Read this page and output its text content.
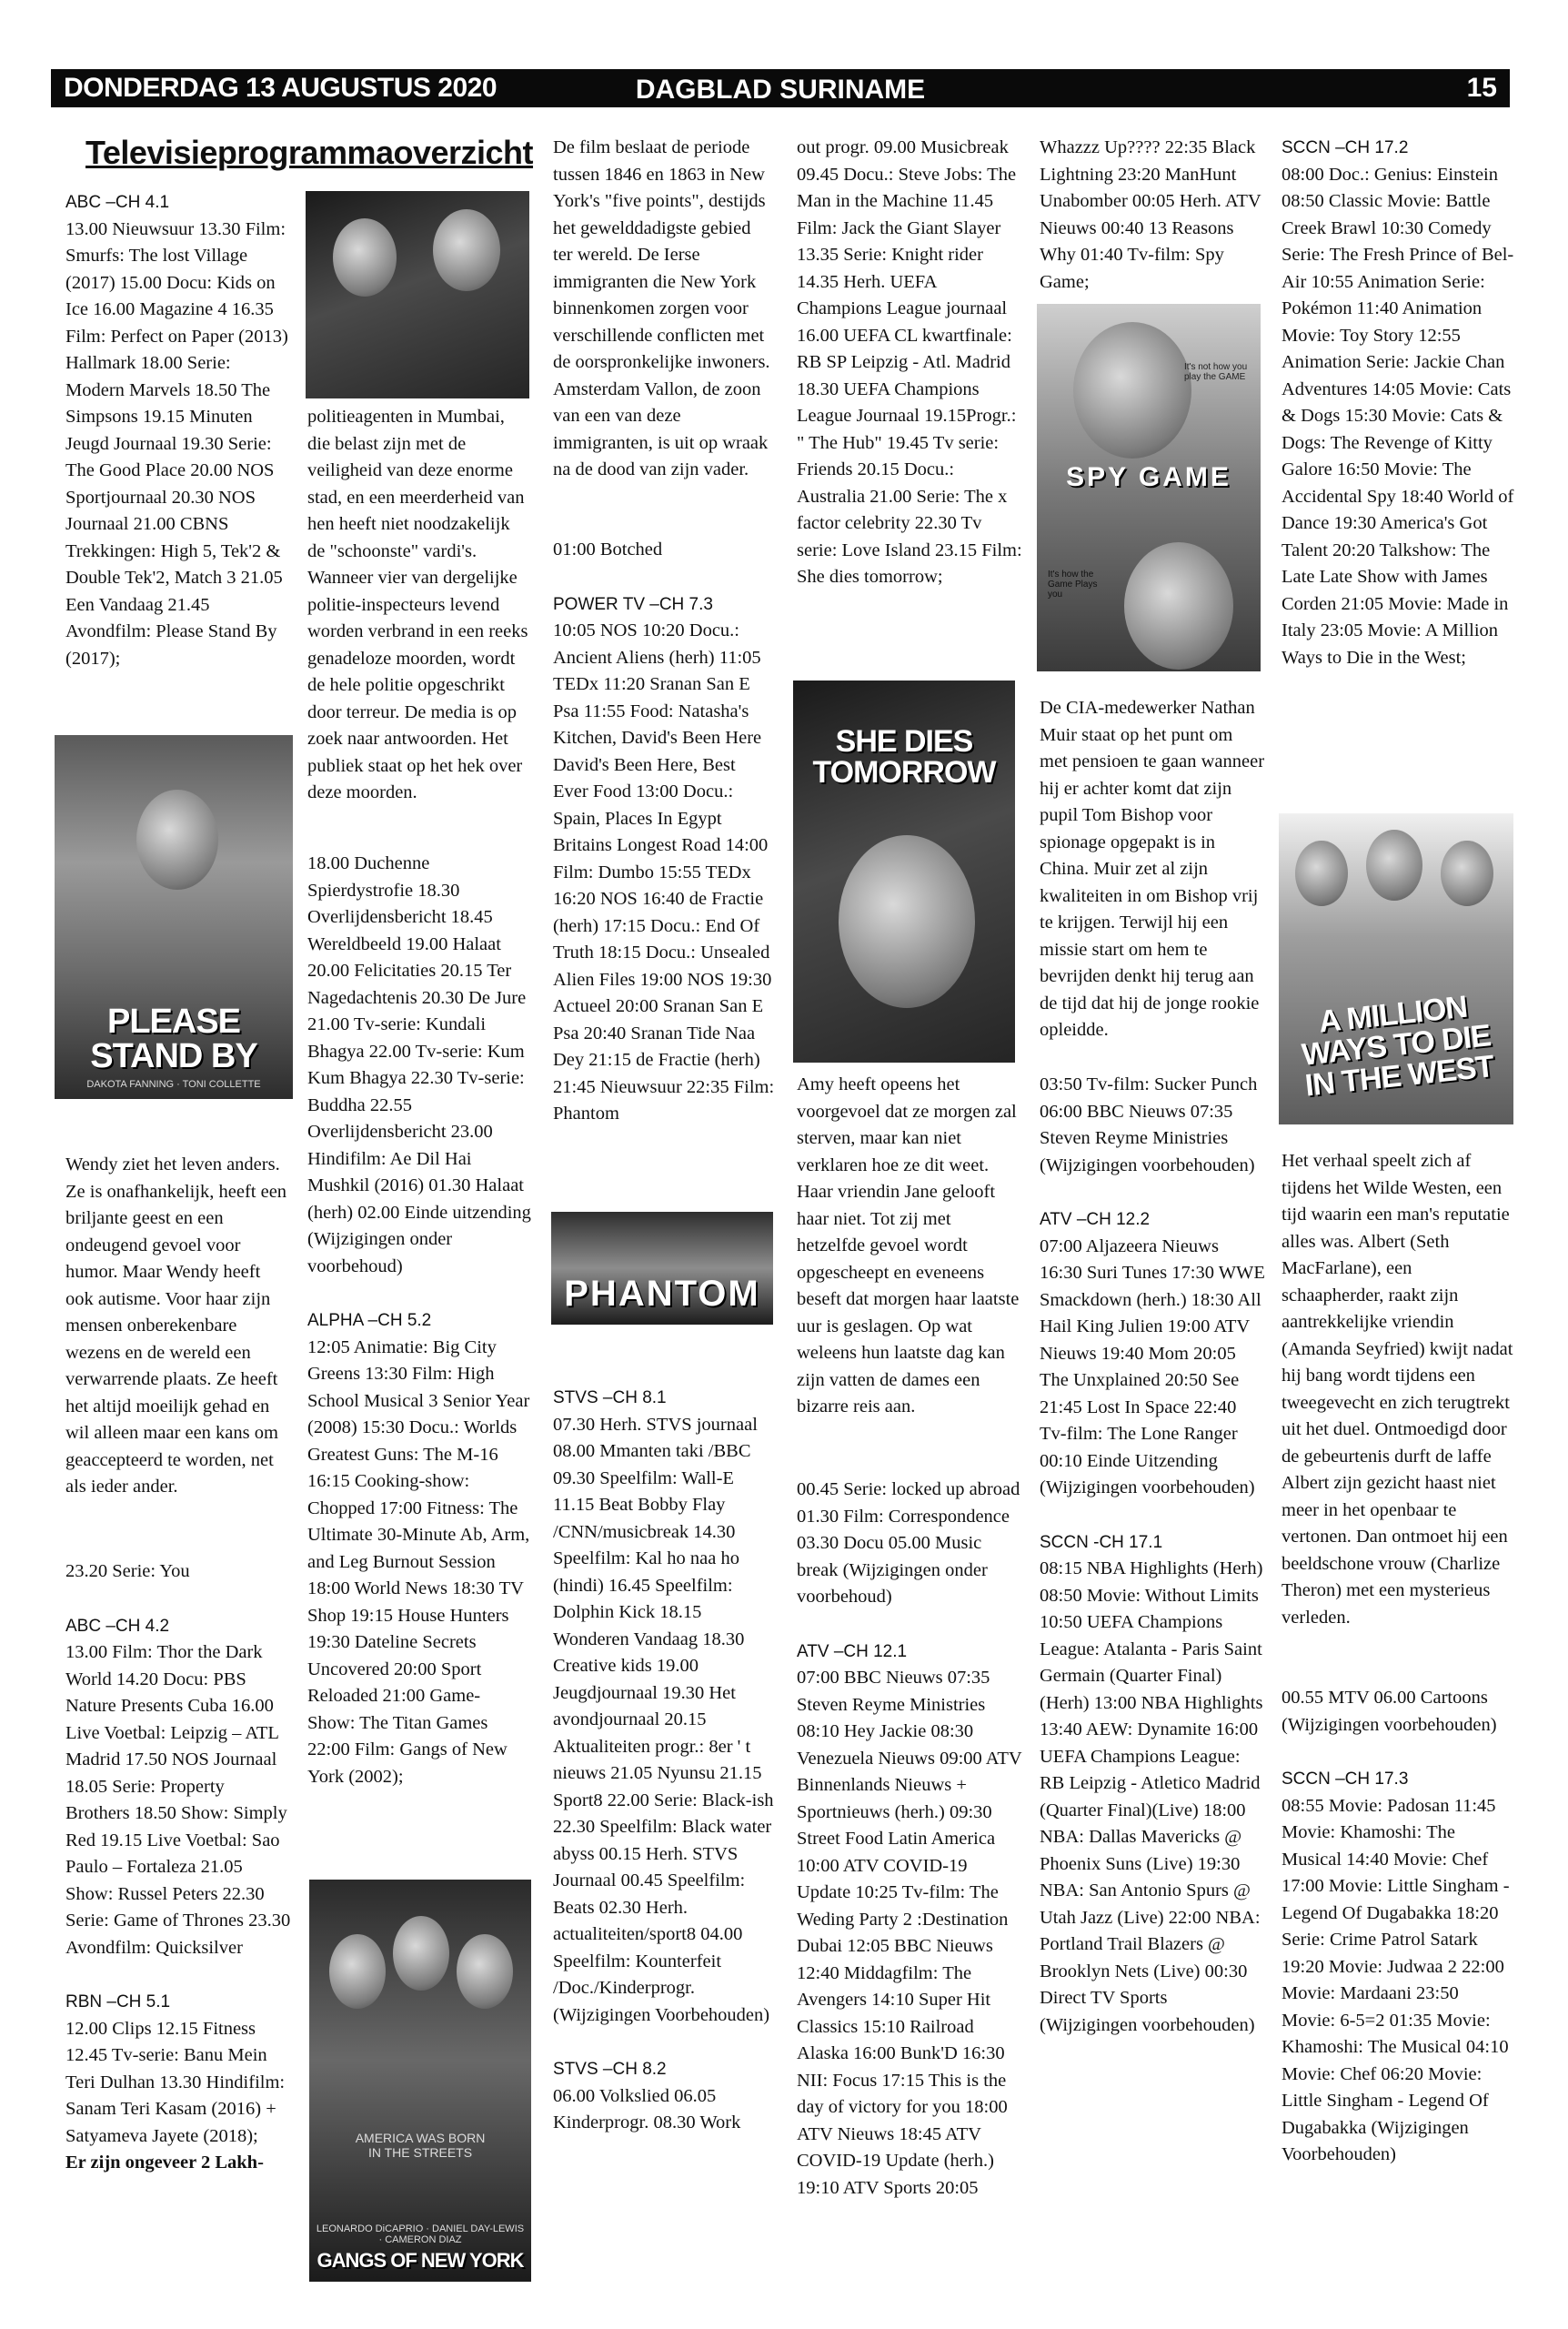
DONDERDAG 13 AUGUSTUS 2020	DAGBLAD SURINAME	15
Televisieprogrammaoverzicht

ABC –CH 4.1

13.00 Nieuwsuur 13.30 Film: Smurfs: The lost Village (2017) 15.00 Docu: Kids on Ice 16.00 Magazine 4 16.35 Film: Perfect on Paper (2013) Hallmark 18.00 Serie: Modern Marvels 18.50 The Simpsons 19.15 Minuten Jeugd Journaal 19.30 Serie: The Good Place 20.00 NOS Sportjournaal 20.30 NOS Journaal 21.00 CBNS Trekkingen: High 5, Tek'2 & Double Tek'2, Match 3 21.05 Een Vandaag 21.45 Avondfilm: Please Stand By (2017);

PLEASE STAND BY
DAKOTA FANNING · TONI COLLETTE

Wendy ziet het leven anders. Ze is onafhankelijk, heeft een briljante geest en een ondeugend gevoel voor humor. Maar Wendy heeft ook autisme. Voor haar zijn mensen onberekenbare wezens en de wereld een verwarrende plaats. Ze heeft het altijd moeilijk gehad en wil alleen maar een kans om geaccepteerd te worden, net als ieder ander.

23.20 Serie: You

ABC –CH 4.2

13.00 Film: Thor the Dark World 14.20 Docu: PBS Nature Presents Cuba 16.00 Live Voetbal: Leipzig – ATL Madrid 17.50 NOS Journaal 18.05 Serie: Property Brothers 18.50 Show: Simply Red 19.15 Live Voetbal: Sao Paulo – Fortaleza 21.05 Show: Russel Peters 22.30 Serie: Game of Thrones 23.30 Avondfilm: Quicksilver

RBN –CH 5.1

12.00 Clips 12.15 Fitness 12.45 Tv-serie: Banu Mein Teri Dulhan 13.30 Hindifilm: Sanam Teri Kasam (2016) + Satyameva Jayete (2018);

Er zijn ongeveer 2 Lakh-

politieagenten in Mumbai, die belast zijn met de veiligheid van deze enorme stad, en een meerderheid van hen heeft niet noodzakelijk de "schoonste" vardi's. Wanneer vier van dergelijke politie-inspecteurs levend worden verbrand in een reeks genadeloze moorden, wordt de hele politie opgeschrikt door terreur. De media is op zoek naar antwoorden. Het publiek staat op het hek over deze moorden.

18.00 Duchenne Spierdystrofie 18.30 Overlijdensbericht 18.45 Wereldbeeld 19.00 Halaat 20.00 Felicitaties 20.15 Ter Nagedachtenis 20.30 De Jure 21.00 Tv-serie: Kundali Bhagya 22.00 Tv-serie: Kum Kum Bhagya 22.30 Tv-serie: Buddha 22.55 Overlijdensbericht 23.00 Hindifilm: Ae Dil Hai Mushkil (2016) 01.30 Halaat (herh) 02.00 Einde uitzending (Wijzigingen onder voorbehoud)

ALPHA –CH 5.2

12:05 Animatie: Big City Greens 13:30 Film: High School Musical 3 Senior Year (2008) 15:30 Docu.: Worlds Greatest Guns: The M-16 16:15 Cooking-show: Chopped 17:00 Fitness: The Ultimate 30-Minute Ab, Arm, and Leg Burnout Session 18:00 World News 18:30 TV Shop 19:15 House Hunters 19:30 Dateline Secrets Uncovered 20:00 Sport Reloaded 21:00 Game- Show: The Titan Games 22:00 Film: Gangs of New York (2002);

AMERICA WAS BORN IN THE STREETS
LEONARDO DiCAPRIO · DANIEL DAY-LEWIS · CAMERON DIAZ
GANGS OF NEW YORK

De film beslaat de periode tussen 1846 en 1863 in New York's "five points", destijds het gewelddadigste gebied ter wereld. De Ierse immigranten die New York binnenkomen zorgen voor verschillende conflicten met de oorspronkelijke inwoners. Amsterdam Vallon, de zoon van een van deze immigranten, is uit op wraak na de dood van zijn vader.

01:00 Botched

POWER TV –CH 7.3

10:05 NOS 10:20 Docu.: Ancient Aliens (herh) 11:05 TEDx 11:20 Sranan San E Psa 11:55 Food: Natasha's Kitchen, David's Been Here David's Been Here, Best Ever Food 13:00 Docu.: Spain, Places In Egypt Britains Longest Road 14:00 Film: Dumbo 15:55 TEDx 16:20 NOS 16:40 de Fractie (herh) 17:15 Docu.: End Of Truth 18:15 Docu.: Unsealed Alien Files 19:00 NOS 19:30 Actueel 20:00 Sranan San E Psa 20:40 Sranan Tide Naa Dey 21:15 de Fractie (herh) 21:45 Nieuwsuur 22:35 Film: Phantom

PHANTOM

STVS –CH 8.1

07.30 Herh. STVS journaal 08.00 Mmanten taki /BBC 09.30 Speelfilm: Wall-E 11.15 Beat Bobby Flay /CNN/musicbreak 14.30 Speelfilm: Kal ho naa ho (hindi) 16.45 Speelfilm: Dolphin Kick 18.15 Wonderen Vandaag 18.30 Creative kids 19.00 Jeugdjournaal 19.30 Het avondjournaal 20.15 Aktualiteiten progr.: 8er ' t nieuws 21.05 Nyunsu 21.15 Sport8 22.00 Serie: Black-ish 22.30 Speelfilm: Black water abyss 00.15 Herh. STVS Journaal 00.45 Speelfilm: Beats 02.30 Herh. actualiteiten/sport8 04.00 Speelfilm: Kounterfeit /Doc./Kinderprogr. (Wijzigingen Voorbehouden)

STVS –CH 8.2

06.00 Volkslied 06.05 Kinderprogr. 08.30 Work

out progr. 09.00 Musicbreak 09.45 Docu.: Steve Jobs: The Man in the Machine 11.45 Film: Jack the Giant Slayer 13.35 Serie: Knight rider 14.35 Herh. UEFA Champions League journaal 16.00 UEFA CL kwartfinale: RB SP Leipzig - Atl. Madrid 18.30 UEFA Champions League Journaal 19.15Progr.: " The Hub" 19.45 Tv serie: Friends 20.15 Docu.: Australia 21.00 Serie: The x factor celebrity 22.30 Tv serie: Love Island 23.15 Film: She dies tomorrow;

SHE DIES TOMORROW

Amy heeft opeens het voorgevoel dat ze morgen zal sterven, maar kan niet verklaren hoe ze dit weet. Haar vriendin Jane gelooft haar niet. Tot zij met hetzelfde gevoel wordt opgescheept en eveneens beseft dat morgen haar laatste uur is geslagen. Op wat weleens hun laatste dag kan zijn vatten de dames een bizarre reis aan.

00.45 Serie: locked up abroad 01.30 Film: Correspondence 03.30 Docu 05.00 Music break (Wijzigingen onder voorbehoud)

ATV –CH 12.1

07:00 BBC Nieuws 07:35 Steven Reyme Ministries 08:10 Hey Jackie 08:30 Venezuela Nieuws 09:00 ATV Binnenlands Nieuws + Sportnieuws (herh.) 09:30 Street Food Latin America 10:00 ATV COVID-19 Update 10:25 Tv-film: The Weding Party 2 :Destination Dubai 12:05 BBC Nieuws 12:40 Middagfilm: The Avengers 14:10 Super Hit Classics 15:10 Railroad Alaska 16:00 Bunk'D 16:30 NII: Focus 17:15 This is the day of victory for you 18:00 ATV Nieuws 18:45 ATV COVID-19 Update (herh.) 19:10 ATV Sports 20:05

Whazzz Up???? 22:35 Black Lightning 23:20 ManHunt Unabomber 00:05 Herh. ATV Nieuws 00:40 13 Reasons Why 01:40 Tv-film: Spy Game;

It's not how you play the GAME
SPY GAME
It's how the Game Plays you

De CIA-medewerker Nathan Muir staat op het punt om met pensioen te gaan wanneer hij er achter komt dat zijn pupil Tom Bishop voor spionage opgepakt is in China. Muir zet al zijn kwaliteiten in om Bishop vrij te krijgen. Terwijl hij een missie start om hem te bevrijden denkt hij terug aan de tijd dat hij de jonge rookie opleidde.

03:50 Tv-film: Sucker Punch 06:00 BBC Nieuws 07:35 Steven Reyme Ministries (Wijzigingen voorbehouden)

ATV –CH 12.2

07:00 Aljazeera Nieuws 16:30 Suri Tunes 17:30 WWE Smackdown (herh.) 18:30 All Hail King Julien 19:00 ATV Nieuws 19:40 Mom 20:05 The Unxplained 20:50 See 21:45 Lost In Space 22:40 Tv-film: The Lone Ranger 00:10 Einde Uitzending (Wijzigingen voorbehouden)

SCCN -CH 17.1

08:15 NBA Highlights (Herh) 08:50 Movie: Without Limits 10:50 UEFA Champions League: Atalanta - Paris Saint Germain (Quarter Final) (Herh) 13:00 NBA Highlights 13:40 AEW: Dynamite 16:00 UEFA Champions League: RB Leipzig - Atletico Madrid (Quarter Final)(Live) 18:00 NBA: Dallas Mavericks @ Phoenix Suns (Live) 19:30 NBA: San Antonio Spurs @ Utah Jazz (Live) 22:00 NBA: Portland Trail Blazers @ Brooklyn Nets (Live) 00:30 Direct TV Sports (Wijzigingen voorbehouden)

SCCN –CH 17.2

08:00 Doc.: Genius: Einstein 08:50 Classic Movie: Battle Creek Brawl 10:30 Comedy Serie: The Fresh Prince of Bel-Air 10:55 Animation Serie: Pokémon 11:40 Animation Movie: Toy Story 12:55 Animation Serie: Jackie Chan Adventures 14:05 Movie: Cats & Dogs 15:30 Movie: Cats & Dogs: The Revenge of Kitty Galore 16:50 Movie: The Accidental Spy 18:40 World of Dance 19:30 America's Got Talent 20:20 Talkshow: The Late Late Show with James Corden 21:05 Movie: Made in Italy 23:05 Movie: A Million Ways to Die in the West;

A MILLION WAYS TO DIE IN THE WEST

Het verhaal speelt zich af tijdens het Wilde Westen, een tijd waarin een man's reputatie alles was. Albert (Seth MacFarlane), een schaapherder, raakt zijn aantrekkelijke vriendin (Amanda Seyfried) kwijt nadat hij bang wordt tijdens een tweegevecht en zich terugtrekt uit het duel. Ontmoedigd door de gebeurtenis durft de laffe Albert zijn gezicht haast niet meer in het openbaar te vertonen. Dan ontmoet hij een beeldschone vrouw (Charlize Theron) met een mysterieus verleden.

00.55 MTV 06.00 Cartoons (Wijzigingen voorbehouden)

SCCN –CH 17.3

08:55 Movie: Padosan 11:45 Movie: Khamoshi: The Musical 14:40 Movie: Chef 17:00 Movie: Little Singham - Legend Of Dugabakka 18:20 Serie: Crime Patrol Satark 19:20 Movie: Judwaa 2 22:00 Movie: Mardaani 23:50 Movie: 6-5=2 01:35 Movie: Khamoshi: The Musical 04:10 Movie: Chef 06:20 Movie: Little Singham - Legend Of Dugabakka (Wijzigingen Voorbehouden)
